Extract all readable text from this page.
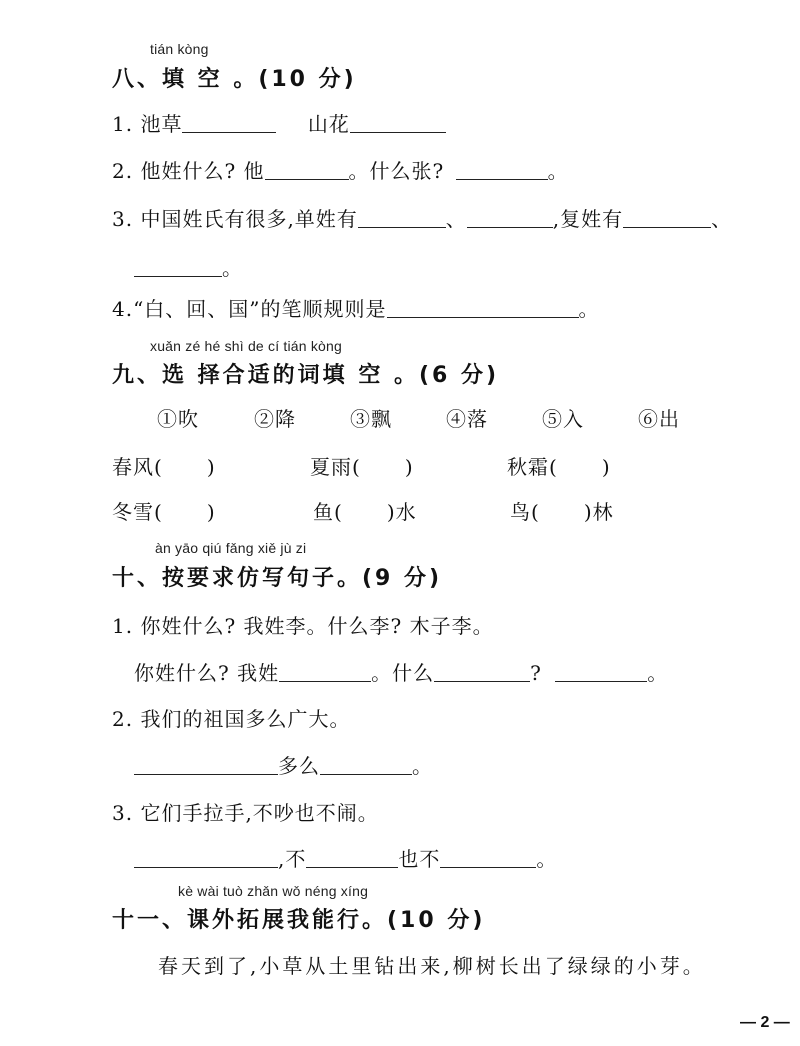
tián kòng
八、填 空 。(10 分)
1. 池草	山花
2. 他姓什么? 他	。什么张?	。
3. 中国姓氏有很多,单姓有	、	,复姓有	、
。
4.“白、回、国”的笔顺规则是	。
xuǎn zé hé shì de cí tián kòng
九、选 择合适的词填 空 。(6 分)
①吹	②降	③飘	④落	⑤入	⑥出
春风( )	夏雨( )	秋霜( )
冬雪( )	鱼( )水	鸟( )林
àn yāo qiú fǎng xiě jù zi
十、按要求仿写句子。(9 分)
1. 你姓什么? 我姓李。什么李? 木子李。
你姓什么? 我姓	。什么	?	。
2. 我们的祖国多么广大。
多么	。
3. 它们手拉手,不吵也不闹。
,不	也不	。
kè wài tuò zhǎn wǒ néng xíng
十一、课外拓展我能行。(10 分)
春天到了,小草从土里钻出来,柳树长出了绿绿的小芽。
— 2 —
